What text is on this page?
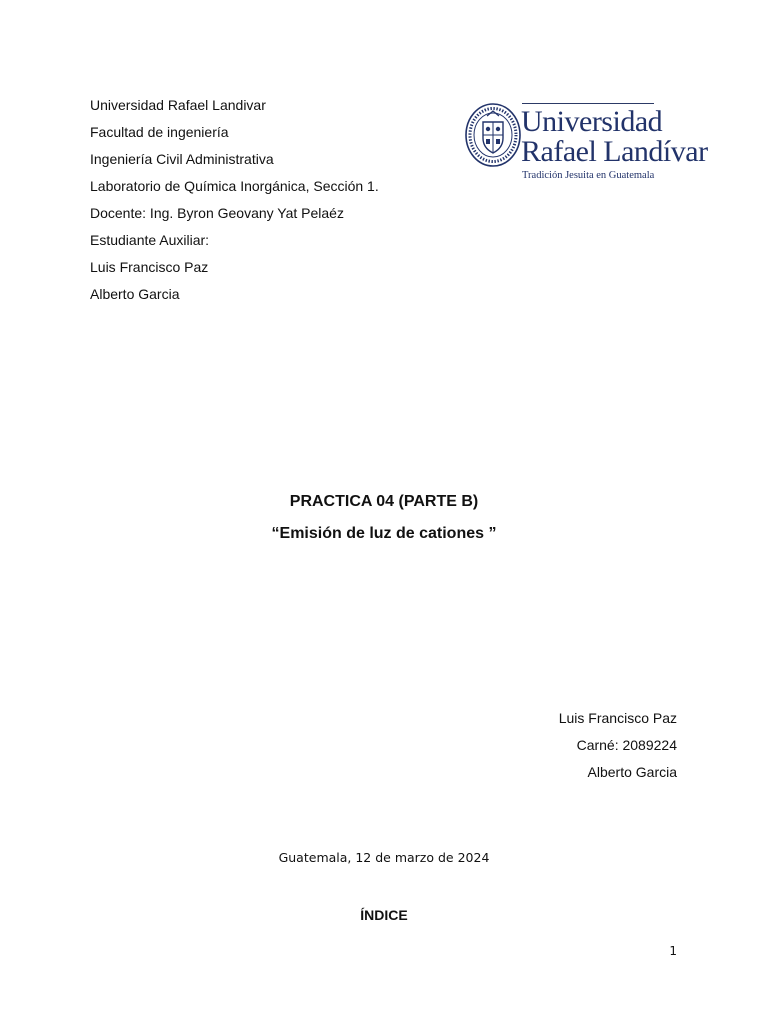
Universidad Rafael Landivar
Facultad de ingeniería
Ingeniería Civil Administrativa
Laboratorio de Química Inorgánica, Sección 1.
Docente: Ing. Byron Geovany Yat Pelaéz
Estudiante Auxiliar:
Luis Francisco Paz
Alberto Garcia
Universidad
Rafael Landívar
Tradición Jesuita en Guatemala
PRACTICA 04 (PARTE B)
“Emisión de luz de cationes ”
Luis Francisco Paz
Carné: 2089224
Alberto Garcia
Guatemala, 12 de marzo de 2024
ÍNDICE
1
